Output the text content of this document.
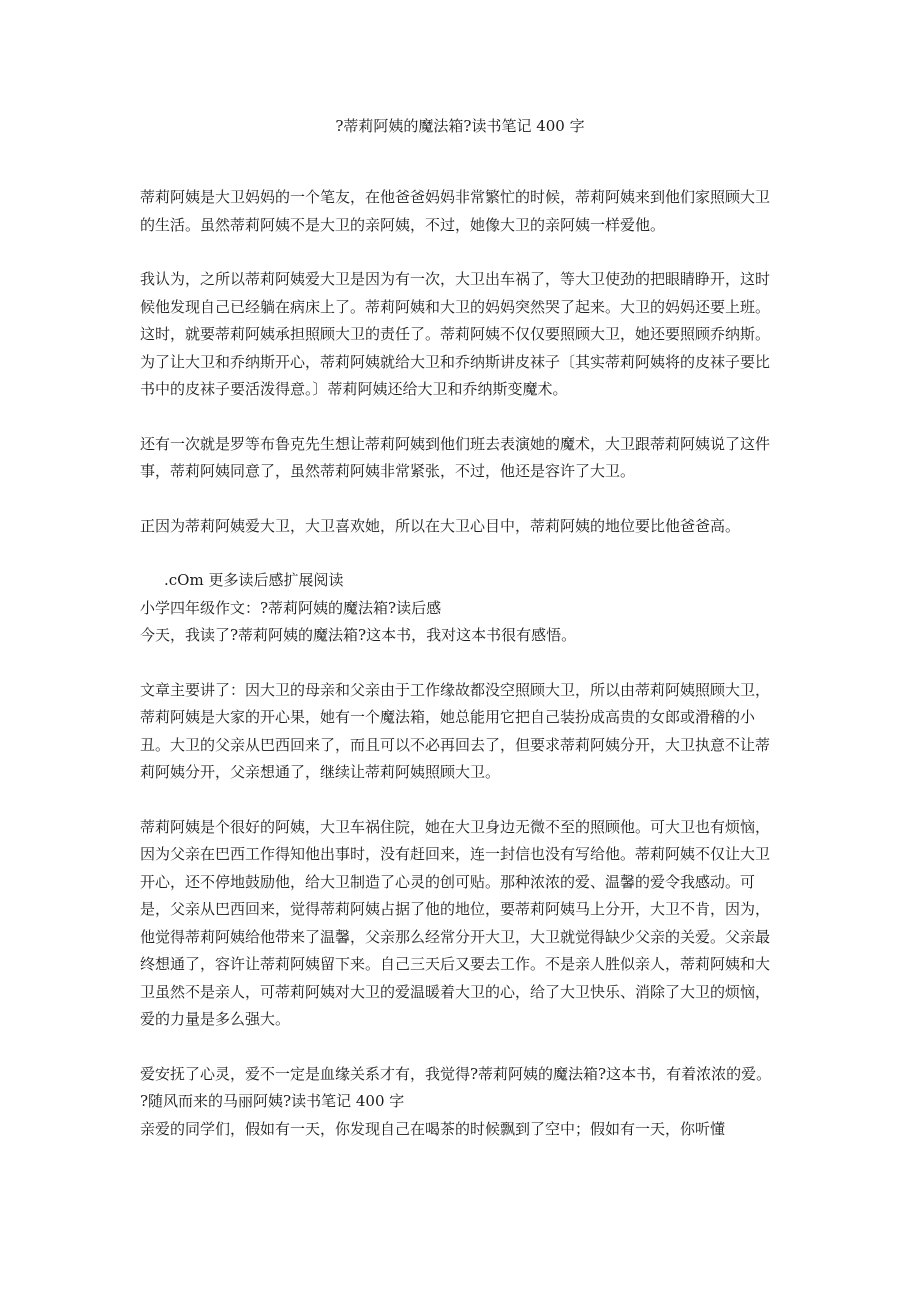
?蒂莉阿姨的魔法箱?读书笔记 400 字

蒂莉阿姨是大卫妈妈的一个笔友，在他爸爸妈妈非常繁忙的时候，蒂莉阿姨来到他们家照顾大卫的生活。虽然蒂莉阿姨不是大卫的亲阿姨，不过，她像大卫的亲阿姨一样爱他。

我认为，之所以蒂莉阿姨爱大卫是因为有一次，大卫出车祸了，等大卫使劲的把眼睛睁开，这时候他发现自己已经躺在病床上了。蒂莉阿姨和大卫的妈妈突然哭了起来。大卫的妈妈还要上班。这时，就要蒂莉阿姨承担照顾大卫的责任了。蒂莉阿姨不仅仅要照顾大卫，她还要照顾乔纳斯。为了让大卫和乔纳斯开心，蒂莉阿姨就给大卫和乔纳斯讲皮袜子〔其实蒂莉阿姨将的皮袜子要比书中的皮袜子要活泼得意。〕蒂莉阿姨还给大卫和乔纳斯变魔术。

还有一次就是罗等布鲁克先生想让蒂莉阿姨到他们班去表演她的魔术，大卫跟蒂莉阿姨说了这件事，蒂莉阿姨同意了，虽然蒂莉阿姨非常紧张，不过，他还是容许了大卫。

正因为蒂莉阿姨爱大卫，大卫喜欢她，所以在大卫心目中，蒂莉阿姨的地位要比他爸爸高。

.cOm 更多读后感扩展阅读

小学四年级作文：?蒂莉阿姨的魔法箱?读后感

今天，我读了?蒂莉阿姨的魔法箱?这本书，我对这本书很有感悟。

文章主要讲了：因大卫的母亲和父亲由于工作缘故都没空照顾大卫，所以由蒂莉阿姨照顾大卫，蒂莉阿姨是大家的开心果，她有一个魔法箱，她总能用它把自己装扮成高贵的女郎或滑稽的小丑。大卫的父亲从巴西回来了，而且可以不必再回去了，但要求蒂莉阿姨分开，大卫执意不让蒂莉阿姨分开，父亲想通了，继续让蒂莉阿姨照顾大卫。

蒂莉阿姨是个很好的阿姨，大卫车祸住院，她在大卫身边无微不至的照顾他。可大卫也有烦恼，因为父亲在巴西工作得知他出事时，没有赶回来，连一封信也没有写给他。蒂莉阿姨不仅让大卫开心，还不停地鼓励他，给大卫制造了心灵的创可贴。那种浓浓的爱、温馨的爱令我感动。可是，父亲从巴西回来，觉得蒂莉阿姨占据了他的地位，要蒂莉阿姨马上分开，大卫不肯，因为，他觉得蒂莉阿姨给他带来了温馨，父亲那么经常分开大卫，大卫就觉得缺少父亲的关爱。父亲最终想通了，容许让蒂莉阿姨留下来。自己三天后又要去工作。不是亲人胜似亲人，蒂莉阿姨和大卫虽然不是亲人，可蒂莉阿姨对大卫的爱温暖着大卫的心，给了大卫快乐、消除了大卫的烦恼，爱的力量是多么强大。

爱安抚了心灵，爱不一定是血缘关系才有，我觉得?蒂莉阿姨的魔法箱?这本书，有着浓浓的爱。

?随风而来的马丽阿姨?读书笔记 400 字

亲爱的同学们，假如有一天，你发现自己在喝茶的时候飘到了空中；假如有一天，你听懂
